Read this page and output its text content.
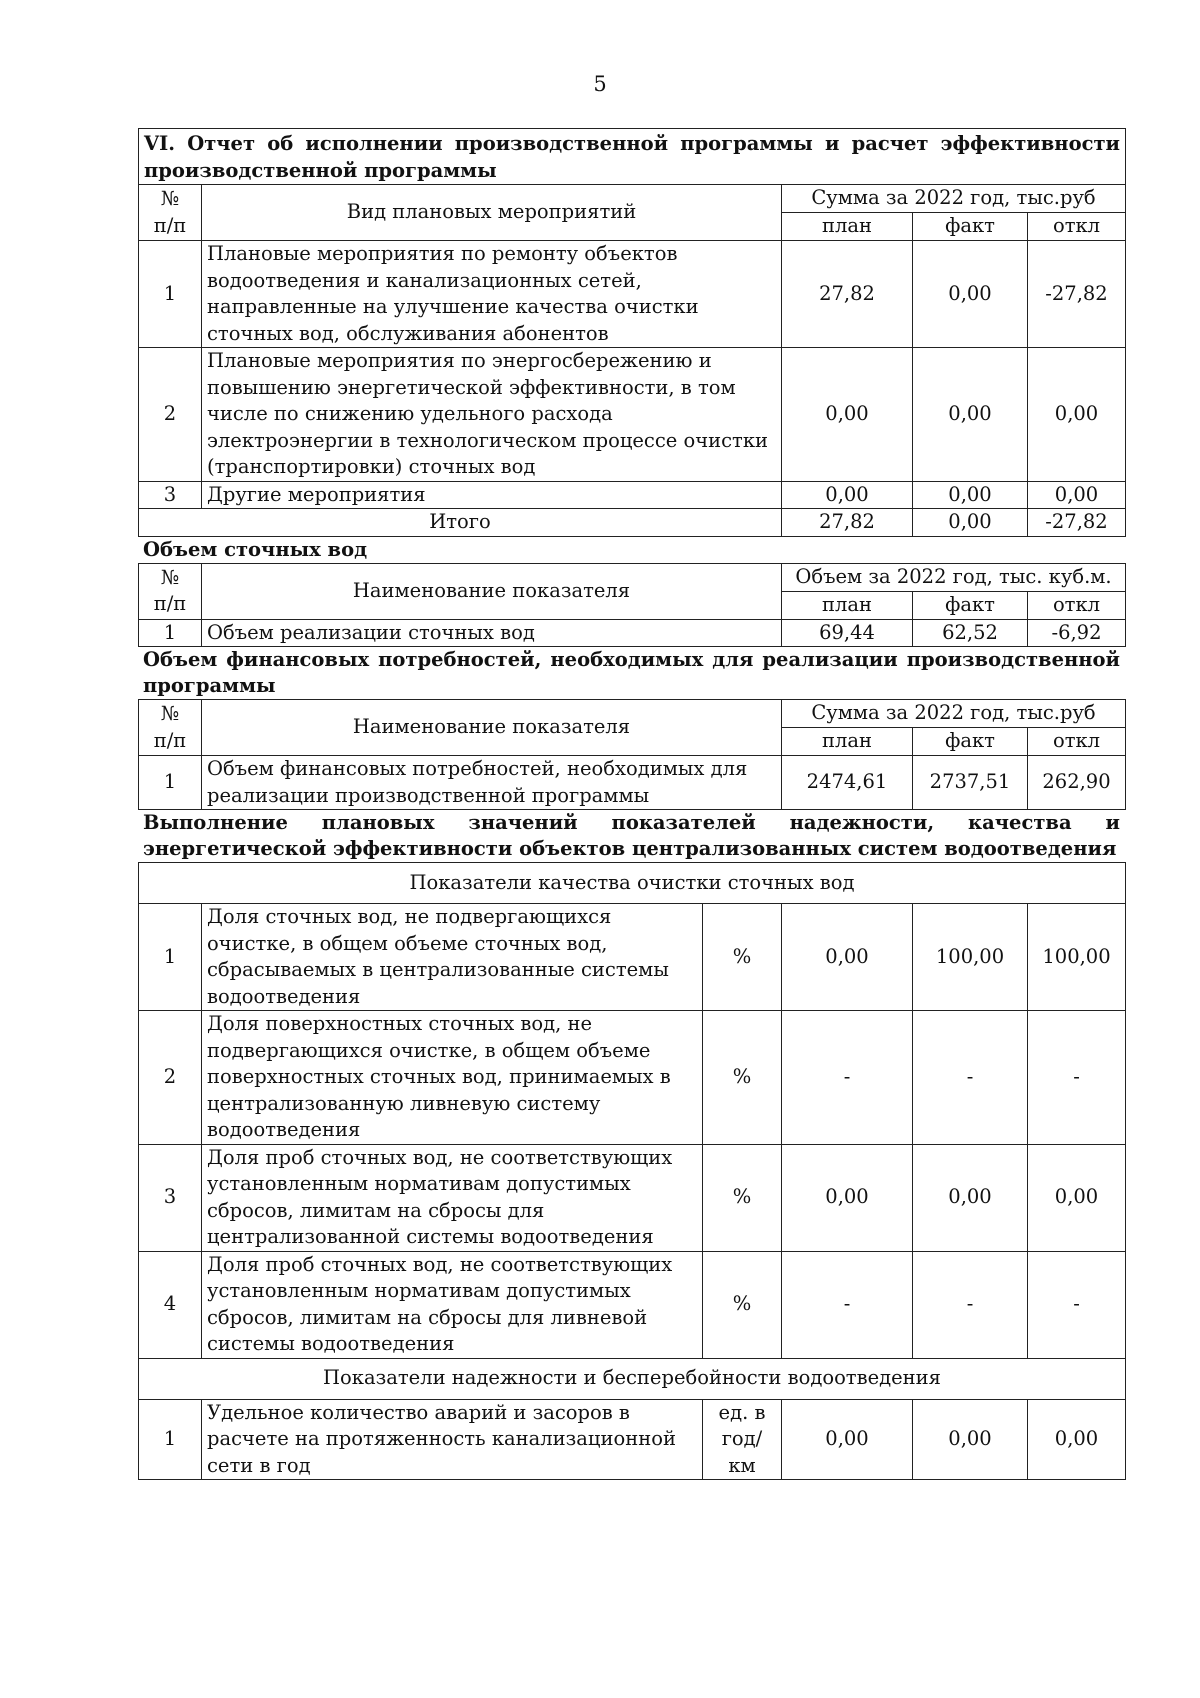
5
VI. Отчет об исполнении производственной программы и расчет эффективности
производственной программы				

№
п/п	Вид плановых мероприятий	Сумма за 2022 год, тыс.руб		
		план	факт	откл
1	Плановые мероприятия по ремонту объектов водоотведения и канализационных сетей, направленные на улучшение качества очистки сточных вод, обслуживания абонентов	27,82	0,00	-27,82
2	Плановые мероприятия по энергосбережению и повышению энергетической эффективности, в том числе по снижению удельного расхода электроэнергии в технологическом процессе очистки (транспортировки) сточных вод	0,00	0,00	0,00
3	Другие мероприятия	0,00	0,00	0,00
Итого		27,82	0,00	-27,82
Объем сточных вод
№
п/п	Наименование показателя	Объем за 2022 год, тыс. куб.м.		
		план	факт	откл
1	Объем реализации сточных вод	69,44	62,52	-6,92
Объем финансовых потребностей, необходимых для реализации производственной программы
№
п/п	Наименование показателя	Сумма за 2022 год, тыс.руб		
		план	факт	откл
1	Объем финансовых потребностей, необходимых для реализации производственной программы	2474,61	2737,51	262,90
Выполнение плановых значений показателей надежности, качества и энергетической эффективности объектов централизованных систем водоотведения
Показатели качества очистки сточных вод					
1	Доля сточных вод, не подвергающихся очистке, в общем объеме сточных вод, сбрасываемых в централизованные системы водоотведения	%	0,00	100,00	100,00
2	Доля поверхностных сточных вод, не подвергающихся очистке, в общем объеме поверхностных сточных вод, принимаемых в централизованную ливневую систему водоотведения	%	-	-	-
3	Доля проб сточных вод, не соответствующих установленным нормативам допустимых сбросов, лимитам на сбросы для централизованной системы водоотведения	%	0,00	0,00	0,00
4	Доля проб сточных вод, не соответствующих установленным нормативам допустимых сбросов, лимитам на сбросы для ливневой системы водоотведения	%	-	-	-
Показатели надежности и бесперебойности водоотведения					
1	Удельное количество аварий и засоров в расчете на протяженность канализационной сети в год	ед. в год/ км	0,00	0,00	0,00
